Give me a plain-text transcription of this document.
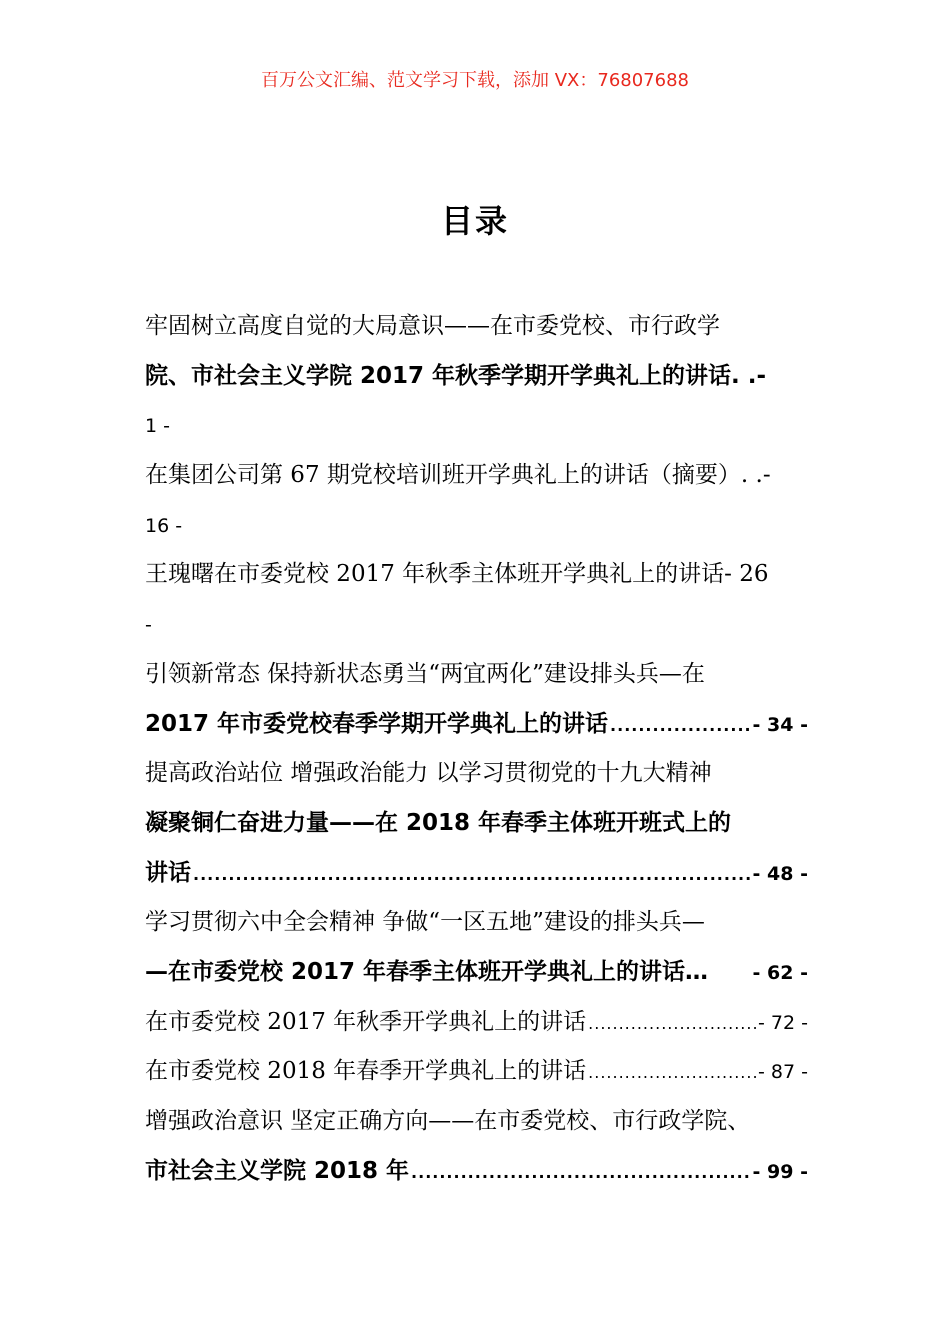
百万公文汇编、范文学习下载，添加 VX：76807688
目录
牢固树立高度自觉的大局意识——在市委党校、市行政学
院、市社会主义学院 2017 年秋季学期开学典礼上的讲话. .-
1 -
在集团公司第 67 期党校培训班开学典礼上的讲话（摘要）. .-
16 -
王瑰曙在市委党校 2017 年秋季主体班开学典礼上的讲话- 26
-
引领新常态 保持新状态勇当“两宜两化”建设排头兵—在
2017 年市委党校春季学期开学典礼上的讲话 .....	- 34 -
提高政治站位 增强政治能力 以学习贯彻党的十九大精神
凝聚铜仁奋进力量——在 2018 年春季主体班开班式上的
讲话 .....	- 48 -
学习贯彻六中全会精神 争做“一区五地”建设的排头兵—
—在市委党校 2017 年春季主体班开学典礼上的讲话… - 62 -
在市委党校 2017 年秋季开学典礼上的讲话 .....	- 72 -
在市委党校 2018 年春季开学典礼上的讲话 .....	- 87 -
增强政治意识 坚定正确方向——在市委党校、市行政学院、
市社会主义学院 2018 年 .....	- 99 -
